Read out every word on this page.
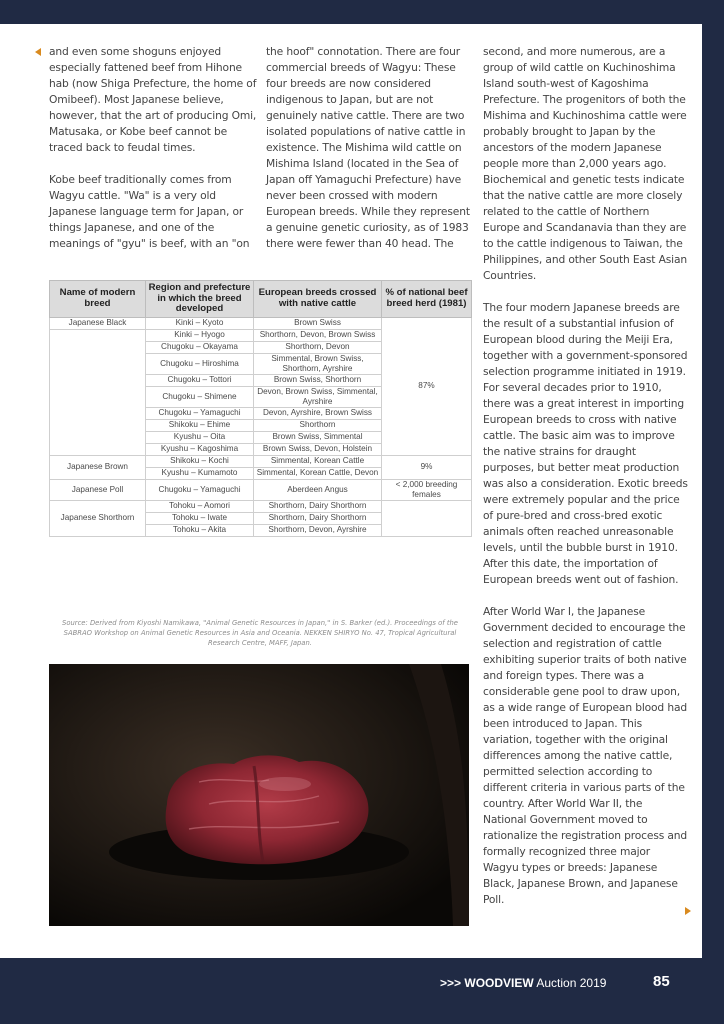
and even some shoguns enjoyed especially fattened beef from Hihone hab (now Shiga Prefecture, the home of Omibeef). Most Japanese believe, however, that the art of producing Omi, Matusaka, or Kobe beef cannot be traced back to feudal times.

Kobe beef traditionally comes from Wagyu cattle. "Wa" is a very old Japanese language term for Japan, or things Japanese, and one of the meanings of "gyu" is beef, with an "on

the hoof" connotation. There are four commercial breeds of Wagyu: These four breeds are now considered indigenous to Japan, but are not genuinely native cattle. There are two isolated populations of native cattle in existence. The Mishima wild cattle on Mishima Island (located in the Sea of Japan off Yamaguchi Prefecture) have never been crossed with modern European breeds. While they represent a genuine genetic curiosity, as of 1983 there were fewer than 40 head. The

second, and more numerous, are a group of wild cattle on Kuchinoshima Island south-west of Kagoshima Prefecture. The progenitors of both the Mishima and Kuchinoshima cattle were probably brought to Japan by the ancestors of the modern Japanese people more than 2,000 years ago. Biochemical and genetic tests indicate that the native cattle are more closely related to the cattle of Northern Europe and Scandanavia than they are to the cattle indigenous to Taiwan, the Philippines, and other South East Asian Countries.

The four modern Japanese breeds are the result of a substantial infusion of European blood during the Meiji Era, together with a government-sponsored selection programme initiated in 1919. For several decades prior to 1910, there was a great interest in importing European breeds to cross with native cattle. The basic aim was to improve the native strains for draught purposes, but better meat production was also a consideration. Exotic breeds were extremely popular and the price of pure-bred and cross-bred exotic animals often reached unreasonable levels, until the bubble burst in 1910. After this date, the importation of European breeds went out of fashion.

After World War I, the Japanese Government decided to encourage the selection and registration of cattle exhibiting superior traits of both native and foreign types. There was a considerable gene pool to draw upon, as a wide range of European blood had been introduced to Japan. This variation, together with the original differences among the native cattle, permitted selection according to different criteria in various parts of the country. After World War II, the National Government moved to rationalize the registration process and formally recognized three major Wagyu types or breeds: Japanese Black, Japanese Brown, and Japanese Poll.

Name of modern breed	Region and prefecture in which the breed developed	European breeds crossed with native cattle	% of national beef breed herd (1981)
Japanese Black	Kinki – Kyoto	Brown Swiss	87%
	Kinki – Hyogo	Shorthorn, Devon, Brown Swiss	
	Chugoku – Okayama	Shorthorn, Devon	
	Chugoku – Hiroshima	Simmental, Brown Swiss, Shorthorn, Ayrshire	
	Chugoku – Tottori	Brown Swiss, Shorthorn	
	Chugoku – Shimene	Devon, Brown Swiss, Simmental, Ayrshire	
	Chugoku – Yamaguchi	Devon, Ayrshire, Brown Swiss	
	Shikoku – Ehime	Shorthorn	
	Kyushu – Oita	Brown Swiss, Simmental	
	Kyushu – Kagoshima	Brown Swiss, Devon, Holstein	
Japanese Brown	Shikoku – Kochi	Simmental, Korean Cattle	9%
	Kyushu – Kumamoto	Simmental, Korean Cattle, Devon	
Japanese Poll	Chugoku – Yamaguchi	Aberdeen Angus	< 2,000 breeding females
Japanese Shorthorn	Tohoku – Aomori	Shorthorn, Dairy Shorthorn	
	Tohoku – Iwate	Shorthorn, Dairy Shorthorn	
	Tohoku – Akita	Shorthorn, Devon, Ayrshire	
Source: Derived from Kiyoshi Namikawa, "Animal Genetic Resources in Japan," in S. Barker (ed.). Proceedings of the SABRAO Workshop on Animal Genetic Resources in Asia and Oceania. NEKKEN SHIRYO No. 47, Tropical Agricultural Research Centre, MAFF, Japan.
>>> WOODVIEW Auction 2019	85
